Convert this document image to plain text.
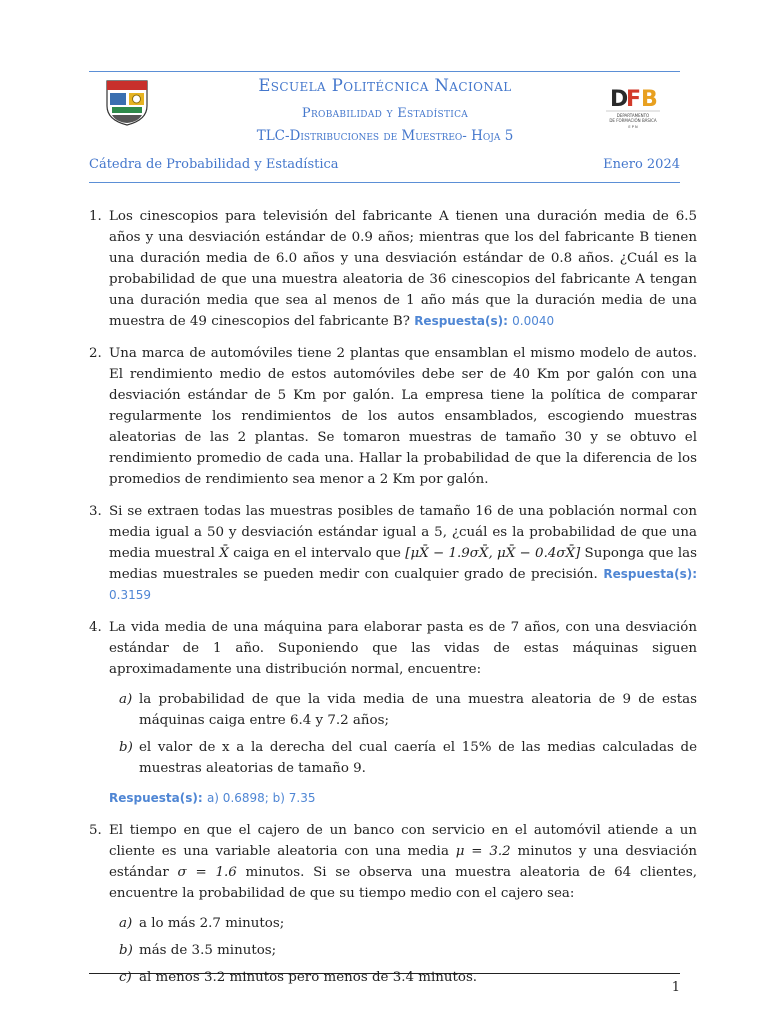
D
F B
DEPARTAMENTO
DE FORMACIÓN BÁSICA
E P N
Escuela Politécnica Nacional
Probabilidad y Estadística
TLC-Distribuciones de Muestreo- Hoja 5
Cátedra de Probabilidad y Estadística	Enero 2024
1. Los cinescopios para televisión del fabricante A tienen una duración media de 6.5 años y una desviación estándar de 0.9 años; mientras que los del fabricante B tienen una duración media de 6.0 años y una desviación estándar de 0.8 años. ¿Cuál es la probabilidad de que una muestra aleatoria de 36 cinescopios del fabricante A tengan una duración media que sea al menos de 1 año más que la duración media de una muestra de 49 cinescopios del fabricante B? Respuesta(s): 0.0040
2. Una marca de automóviles tiene 2 plantas que ensamblan el mismo modelo de autos. El rendimiento medio de estos automóviles debe ser de 40 Km por galón con una desviación estándar de 5 Km por galón. La empresa tiene la política de comparar regularmente los rendimientos de los autos ensamblados, escogiendo muestras aleatorias de las 2 plantas. Se tomaron muestras de tamaño 30 y se obtuvo el rendimiento promedio de cada una. Hallar la probabilidad de que la diferencia de los promedios de rendimiento sea menor a 2 Km por galón.
3. Si se extraen todas las muestras posibles de tamaño 16 de una población normal con media igual a 50 y desviación estándar igual a 5, ¿cuál es la probabilidad de que una media muestral X̄ caiga en el intervalo que [μX̄ − 1.9σX̄, μX̄ − 0.4σX̄] Suponga que las medias muestrales se pueden medir con cualquier grado de precisión. Respuesta(s): 0.3159
4. La vida media de una máquina para elaborar pasta es de 7 años, con una desviación estándar de 1 año. Suponiendo que las vidas de estas máquinas siguen aproximadamente una distribución normal, encuentre:
a) la probabilidad de que la vida media de una muestra aleatoria de 9 de estas máquinas caiga entre 6.4 y 7.2 años;
b) el valor de x a la derecha del cual caería el 15% de las medias calculadas de muestras aleatorias de tamaño 9.
Respuesta(s): a) 0.6898; b) 7.35
5. El tiempo en que el cajero de un banco con servicio en el automóvil atiende a un cliente es una variable aleatoria con una media μ = 3.2 minutos y una desviación estándar σ = 1.6 minutos. Si se observa una muestra aleatoria de 64 clientes, encuentre la probabilidad de que su tiempo medio con el cajero sea:
a) a lo más 2.7 minutos;
b) más de 3.5 minutos;
c) al menos 3.2 minutos pero menos de 3.4 minutos.
1
